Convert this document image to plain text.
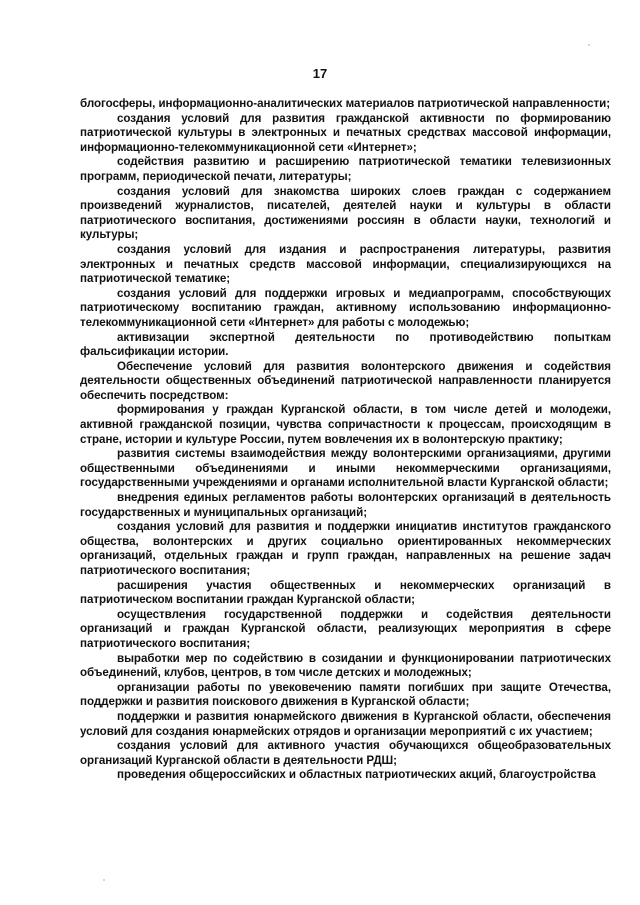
17

блогосферы, информационно-аналитических материалов патриотической направленности;

создания условий для развития гражданской активности по формированию патриотической культуры в электронных и печатных средствах массовой информации, информационно-телекоммуникационной сети «Интернет»;

содействия развитию и расширению патриотической тематики телевизионных программ, периодической печати, литературы;

создания условий для знакомства широких слоев граждан с содержанием произведений журналистов, писателей, деятелей науки и культуры в области патриотического воспитания, достижениями россиян в области науки, технологий и культуры;

создания условий для издания и распространения литературы, развития электронных и печатных средств массовой информации, специализирующихся на патриотической тематике;

создания условий для поддержки игровых и медиапрограмм, способствующих патриотическому воспитанию граждан, активному использованию информационно-телекоммуникационной сети «Интернет» для работы с молодежью;

активизации экспертной деятельности по противодействию попыткам фальсификации истории.

Обеспечение условий для развития волонтерского движения и содействия деятельности общественных объединений патриотической направленности планируется обеспечить посредством:

формирования у граждан Курганской области, в том числе детей и молодежи, активной гражданской позиции, чувства сопричастности к процессам, происходящим в стране, истории и культуре России, путем вовлечения их в волонтерскую практику;

развития системы взаимодействия между волонтерскими организациями, другими общественными объединениями и иными некоммерческими организациями, государственными учреждениями и органами исполнительной власти Курганской области;

внедрения единых регламентов работы волонтерских организаций в деятельность государственных и муниципальных организаций;

создания условий для развития и поддержки инициатив институтов гражданского общества, волонтерских и других социально ориентированных некоммерческих организаций, отдельных граждан и групп граждан, направленных на решение задач патриотического воспитания;

расширения участия общественных и некоммерческих организаций в патриотическом воспитании граждан Курганской области;

осуществления государственной поддержки и содействия деятельности организаций и граждан Курганской области, реализующих мероприятия в сфере патриотического воспитания;

выработки мер по содействию в созидании и функционировании патриотических объединений, клубов, центров, в том числе детских и молодежных;

организации работы по увековечению памяти погибших при защите Отечества, поддержки и развития поискового движения в Курганской области;

поддержки и развития юнармейского движения в Курганской области, обеспечения условий для создания юнармейских отрядов и организации мероприятий с их участием;

создания условий для активного участия обучающихся общеобразовательных организаций Курганской области в деятельности РДШ;

проведения общероссийских и областных патриотических акций, благоустройства
